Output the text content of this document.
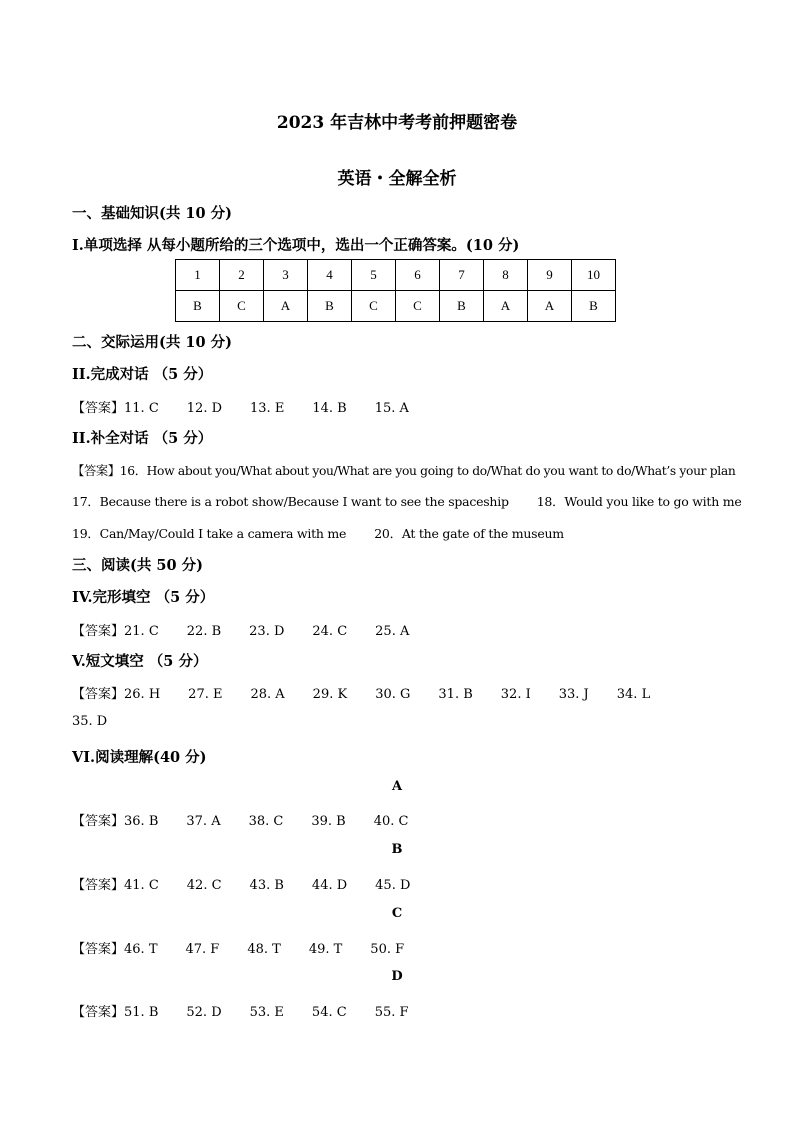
2023 年吉林中考考前押题密卷
英语・全解全析
一、基础知识(共 10 分)
I.单项选择 从每小题所给的三个选项中，选出一个正确答案。(10 分)
1	2	3	4	5	6	7	8	9	10
B	C	A	B	C	C	B	A	A	B
二、交际运用(共 10 分)
II.完成对话 （5 分）
【答案】11. C 12. D 13. E 14. B 15. A
II.补全对话 （5 分）
【答案】16．How about you/What about you/What are you going to do/What do you want to do/What’s your plan
17．Because there is a robot show/Because I want to see the spaceship 18．Would you like to go with me
19．Can/May/Could I take a camera with me 20．At the gate of the museum
三、阅读(共 50 分)
IV.完形填空 （5 分）
【答案】21. C 22. B 23. D 24. C 25. A
V.短文填空 （5 分）
【答案】26. H 27. E 28. A 29. K 30. G 31. B 32. I 33. J 34. L
35. D
VI.阅读理解(40 分)
A
【答案】36. B 37. A 38. C 39. B 40. C
B
【答案】41. C 42. C 43. B 44. D 45. D
C
【答案】46. T 47. F 48. T 49. T 50. F
D
【答案】51. B 52. D 53. E 54. C 55. F
